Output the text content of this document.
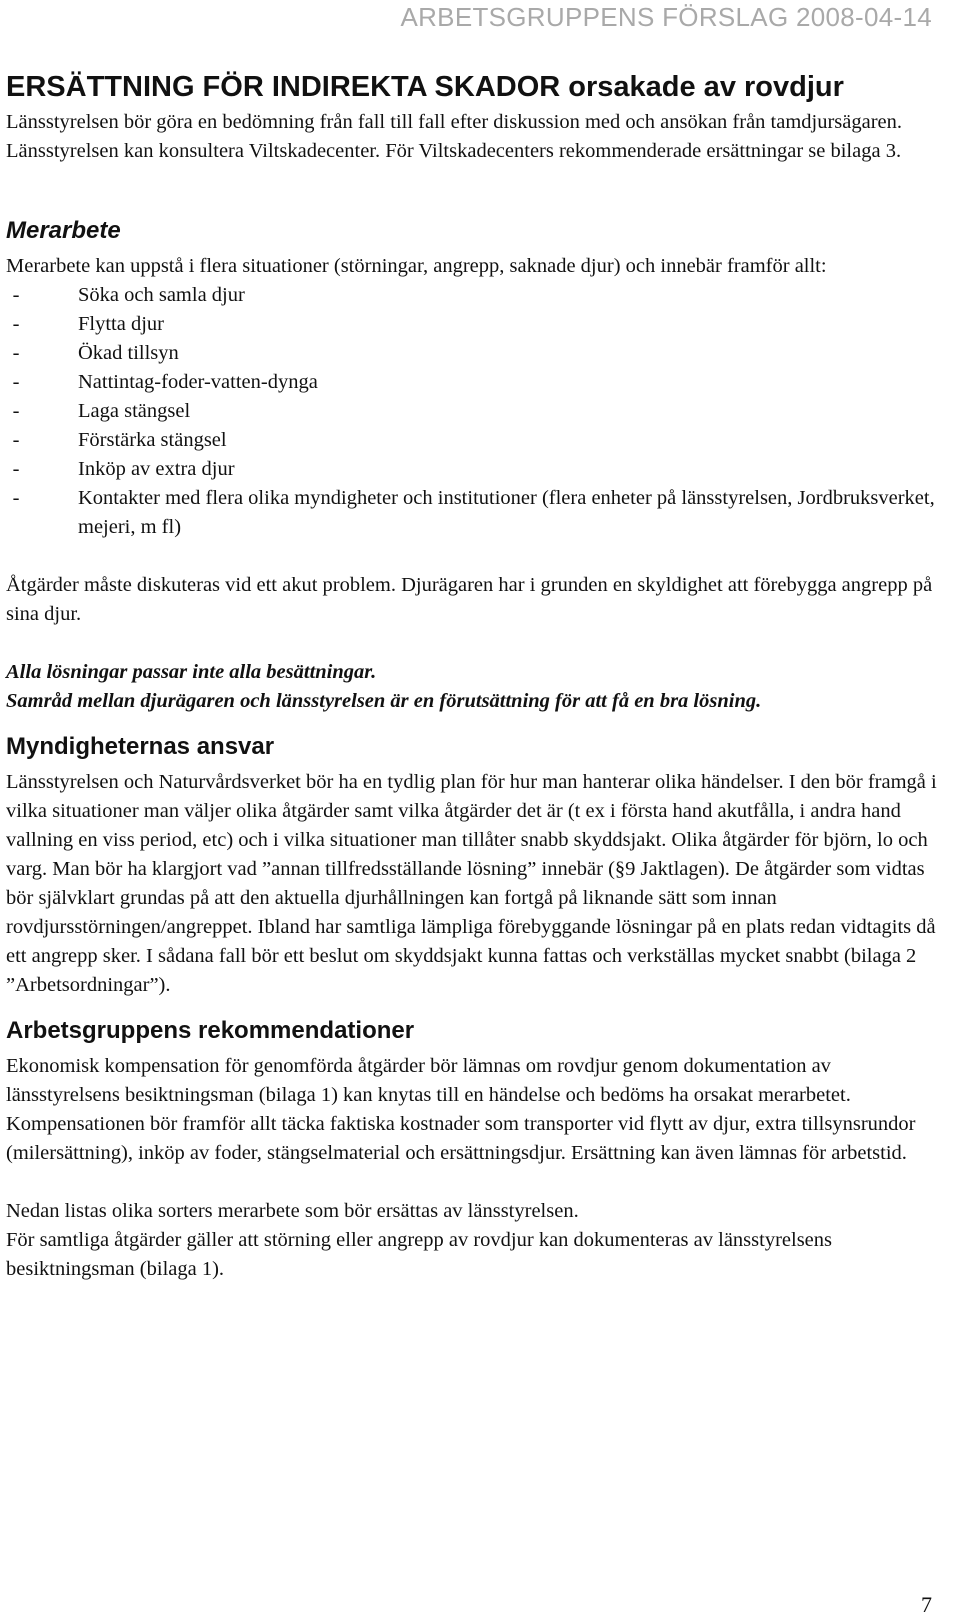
ARBETSGRUPPENS FÖRSLAG 2008-04-14
ERSÄTTNING FÖR INDIREKTA SKADOR orsakade av rovdjur

Länsstyrelsen bör göra en bedömning från fall till fall efter diskussion med och ansökan från tamdjursägaren. Länsstyrelsen kan konsultera Viltskadecenter. För Viltskadecenters rekommenderade ersättningar se bilaga 3.

Merarbete

Merarbete kan uppstå i flera situationer (störningar, angrepp, saknade djur) och innebär framför allt:

- Söka och samla djur
- Flytta djur
- Ökad tillsyn
- Nattintag-foder-vatten-dynga
- Laga stängsel
- Förstärka stängsel
- Inköp av extra djur
- Kontakter med flera olika myndigheter och institutioner (flera enheter på länsstyrelsen, Jordbruksverket, mejeri, m fl)

Åtgärder måste diskuteras vid ett akut problem. Djurägaren har i grunden en skyldighet att förebygga angrepp på sina djur.

Alla lösningar passar inte alla besättningar.

Samråd mellan djurägaren och länsstyrelsen är en förutsättning för att få en bra lösning.

Myndigheternas ansvar

Länsstyrelsen och Naturvårdsverket bör ha en tydlig plan för hur man hanterar olika händelser. I den bör framgå i vilka situationer man väljer olika åtgärder samt vilka åtgärder det är (t ex i första hand akutfålla, i andra hand vallning en viss period, etc) och i vilka situationer man tillåter snabb skyddsjakt. Olika åtgärder för björn, lo och varg. Man bör ha klargjort vad ”annan tillfredsställande lösning” innebär (§9 Jaktlagen). De åtgärder som vidtas bör självklart grundas på att den aktuella djurhållningen kan fortgå på liknande sätt som innan rovdjursstörningen/angreppet. Ibland har samtliga lämpliga förebyggande lösningar på en plats redan vidtagits då ett angrepp sker. I sådana fall bör ett beslut om skyddsjakt kunna fattas och verkställas mycket snabbt (bilaga 2 ”Arbetsordningar”).

Arbetsgruppens rekommendationer

Ekonomisk kompensation för genomförda åtgärder bör lämnas om rovdjur genom dokumentation av länsstyrelsens besiktningsman (bilaga 1) kan knytas till en händelse och bedöms ha orsakat merarbetet. Kompensationen bör framför allt täcka faktiska kostnader som transporter vid flytt av djur, extra tillsynsrundor (milersättning), inköp av foder, stängselmaterial och ersättningsdjur. Ersättning kan även lämnas för arbetstid.

Nedan listas olika sorters merarbete som bör ersättas av länsstyrelsen.

För samtliga åtgärder gäller att störning eller angrepp av rovdjur kan dokumenteras av länsstyrelsens besiktningsman (bilaga 1).

7
